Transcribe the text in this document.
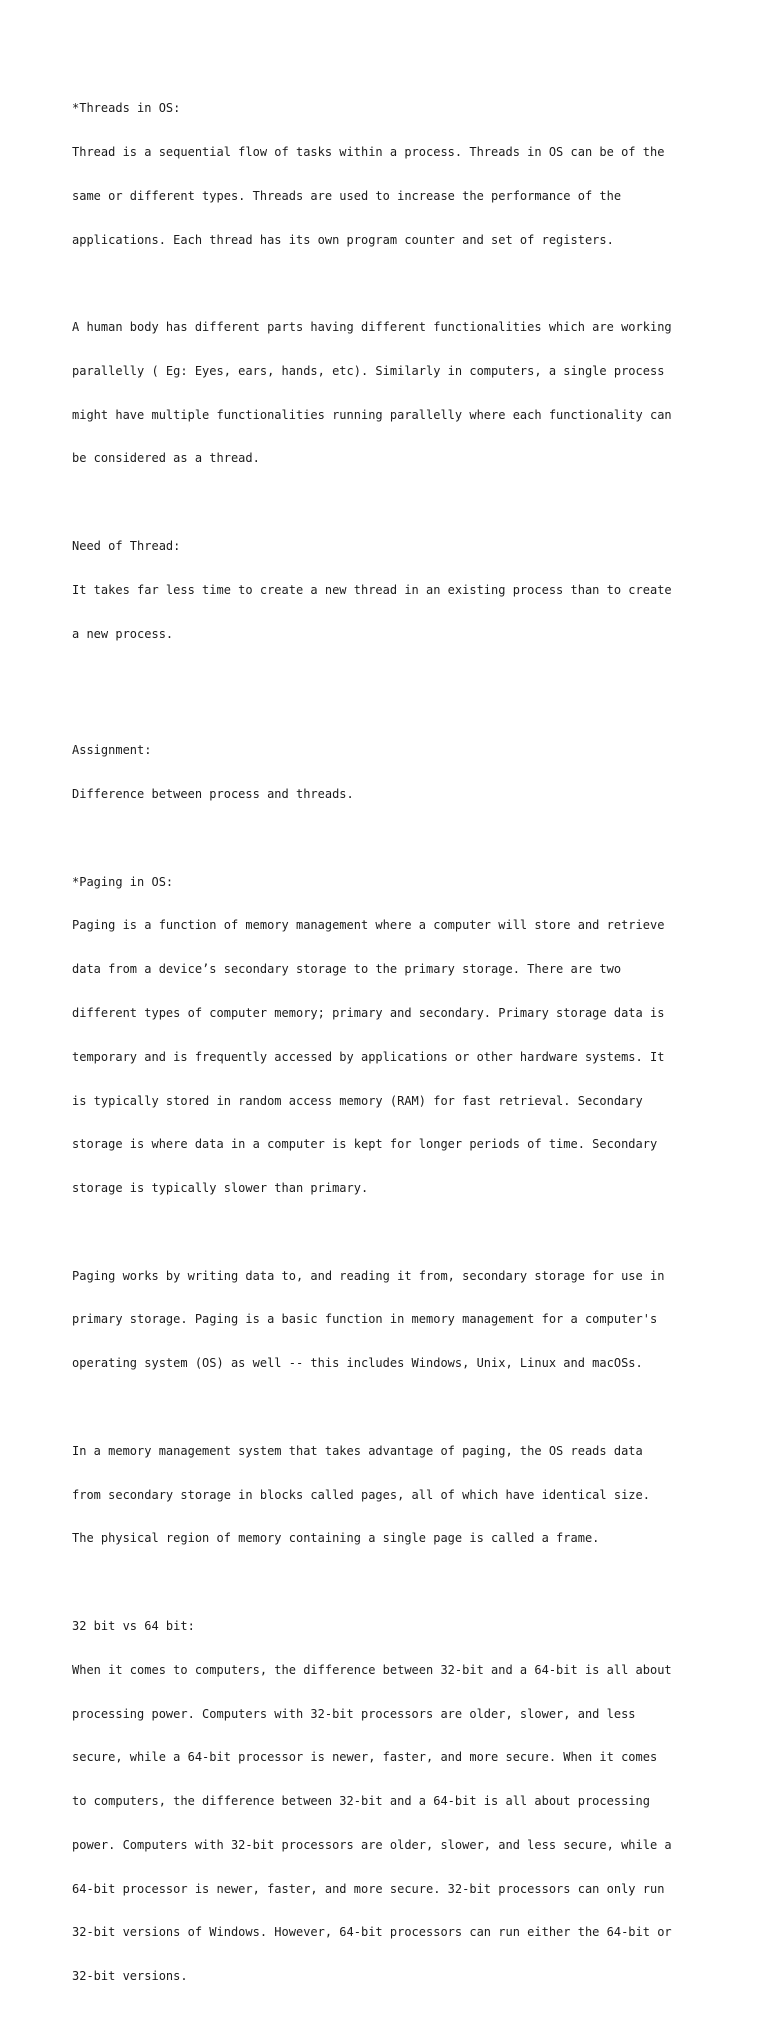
*Threads in OS:

Thread is a sequential flow of tasks within a process. Threads in OS can be of the

same or different types. Threads are used to increase the performance of the

applications. Each thread has its own program counter and set of registers.

A human body has different parts having different functionalities which are working

parallelly ( Eg: Eyes, ears, hands, etc). Similarly in computers, a single process

might have multiple functionalities running parallelly where each functionality can

be considered as a thread.

Need of Thread:

It takes far less time to create a new thread in an existing process than to create

a new process.

Assignment:

Difference between process and threads.

*Paging in OS:

Paging is a function of memory management where a computer will store and retrieve

data from a device’s secondary storage to the primary storage. There are two

different types of computer memory; primary and secondary. Primary storage data is

temporary and is frequently accessed by applications or other hardware systems. It

is typically stored in random access memory (RAM) for fast retrieval. Secondary

storage is where data in a computer is kept for longer periods of time. Secondary

storage is typically slower than primary.

Paging works by writing data to, and reading it from, secondary storage for use in

primary storage. Paging is a basic function in memory management for a computer's

operating system (OS) as well -- this includes Windows, Unix, Linux and macOSs.

In a memory management system that takes advantage of paging, the OS reads data

from secondary storage in blocks called pages, all of which have identical size.

The physical region of memory containing a single page is called a frame.

32 bit vs 64 bit:

When it comes to computers, the difference between 32-bit and a 64-bit is all about

processing power. Computers with 32-bit processors are older, slower, and less

secure, while a 64-bit processor is newer, faster, and more secure. When it comes

to computers, the difference between 32-bit and a 64-bit is all about processing

power. Computers with 32-bit processors are older, slower, and less secure, while a

64-bit processor is newer, faster, and more secure. 32-bit processors can only run

32-bit versions of Windows. However, 64-bit processors can run either the 64-bit or

32-bit versions.
